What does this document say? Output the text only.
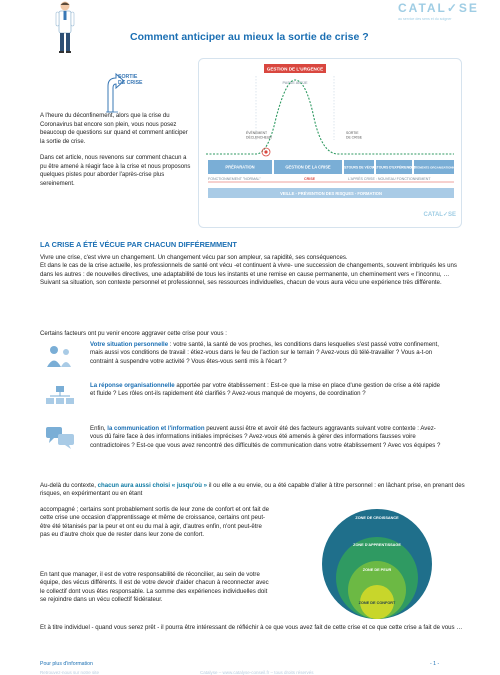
CATAL✓SE
au service des sens et du soigner
Comment anticiper au mieux la sortie de crise ?
SORTIE
DE CRISE

A l'heure du déconfinement, alors que la crise du Coronavirus bat encore son plein, vous nous posez beaucoup de questions sur quand et comment anticiper la sortie de crise.

Dans cet article, nous revenons sur comment chacun a pu être amené à réagir face à la crise et nous proposons quelques pistes pour aborder l'après-crise plus sereinement.

GESTION DE L'URGENCE
PASSE AIGÜE
ÉVÉNEMENT
DÉCLENCHEUR
SORTIE
DE CRISE
PRÉPARATION	GESTION DE LA CRISE	RETOURS DE VÉCUS
RETOURS D'EXPÉRIENCES
AJUSTEMENTS ORGANISATIONNELS
FONCTIONNEMENT "NORMAL"	CRISE	L'APRÈS CRISE : NOUVEAU FONCTIONNEMENT
VEILLE - PRÉVENTION DES RISQUES - FORMATION
CATAL✓SE
LA CRISE A ÉTÉ VÉCUE PAR CHACUN DIFFÉREMMENT
Vivre une crise, c'est vivre un changement. Un changement vécu par son ampleur, sa rapidité, ses conséquences.
Et dans le cas de la crise actuelle, les professionnels de santé ont vécu -et continuent à vivre- une succession de changements, souvent imbriqués les uns dans les autres : de nouvelles directives, une adaptabilité de tous les instants et une remise en cause permanente, un cheminement vers « l'inconnu, …
Suivant sa situation, son contexte personnel et professionnel, ses ressources individuelles, chacun de vous aura vécu une expérience très différente.
Certains facteurs ont pu venir encore aggraver cette crise pour vous :
Votre situation personnelle : votre santé, la santé de vos proches, les conditions dans lesquelles s'est passé votre confinement, mais aussi vos conditions de travail : étiez-vous dans le feu de l'action sur le terrain ? Avez-vous dû télé-travailler ? Vous a-t-on contraint à suspendre votre activité ? Vous êtes-vous senti mis à l'écart ?
La réponse organisationnelle apportée par votre établissement : Est-ce que la mise en place d'une gestion de crise a été rapide et fluide ? Les rôles ont-ils rapidement été clarifiés ? Avez-vous manqué de moyens, de coordination ?
Enfin, la communication et l'information peuvent aussi être et avoir été des facteurs aggravants suivant votre contexte : Avez-vous dû faire face à des informations initiales imprécises ? Avez-vous été amenés à gérer des informations fausses voire contradictoires ? Est-ce que vous avez rencontré des difficultés de communication dans votre établissement ? Avec vos équipes ?
Au-delà du contexte, chacun aura aussi choisi « jusqu'où » il ou elle a eu envie, ou a été capable d'aller à titre personnel : en lâchant prise, en prenant des risques, en expérimentant ou en étant
accompagné ; certains sont probablement sortis de leur zone de confort et ont fait de cette crise une occasion d'apprentissage et même de croissance, certains ont peut-être été tétanisés par la peur et ont eu du mal à agir, d'autres enfin, n'ont peut-être pas eu d'autre choix que de rester dans leur zone de confort.
ZONE DE CROISSANCE
ZONE D'APPRENTISSAGE
ZONE DE PEUR
ZONE DE CONFORT
En tant que manager, il est de votre responsabilité de réconcilier, au sein de votre équipe, des vécus différents. Il est de votre devoir d'aider chacun à reconnecter avec le collectif dont vous êtes responsable. La somme des expériences individuelles doit se rejoindre dans un vécu collectif fédérateur.
Et à titre individuel - quand vous serez prêt - il pourra être intéressant de réfléchir à ce que vous avez fait de cette crise et ce que cette crise a fait de vous …
Pour plus d'information	- 1 -
Retrouvez-nous sur notre site	Catalyse – www.catalyse-conseil.fr – tous droits réservés
